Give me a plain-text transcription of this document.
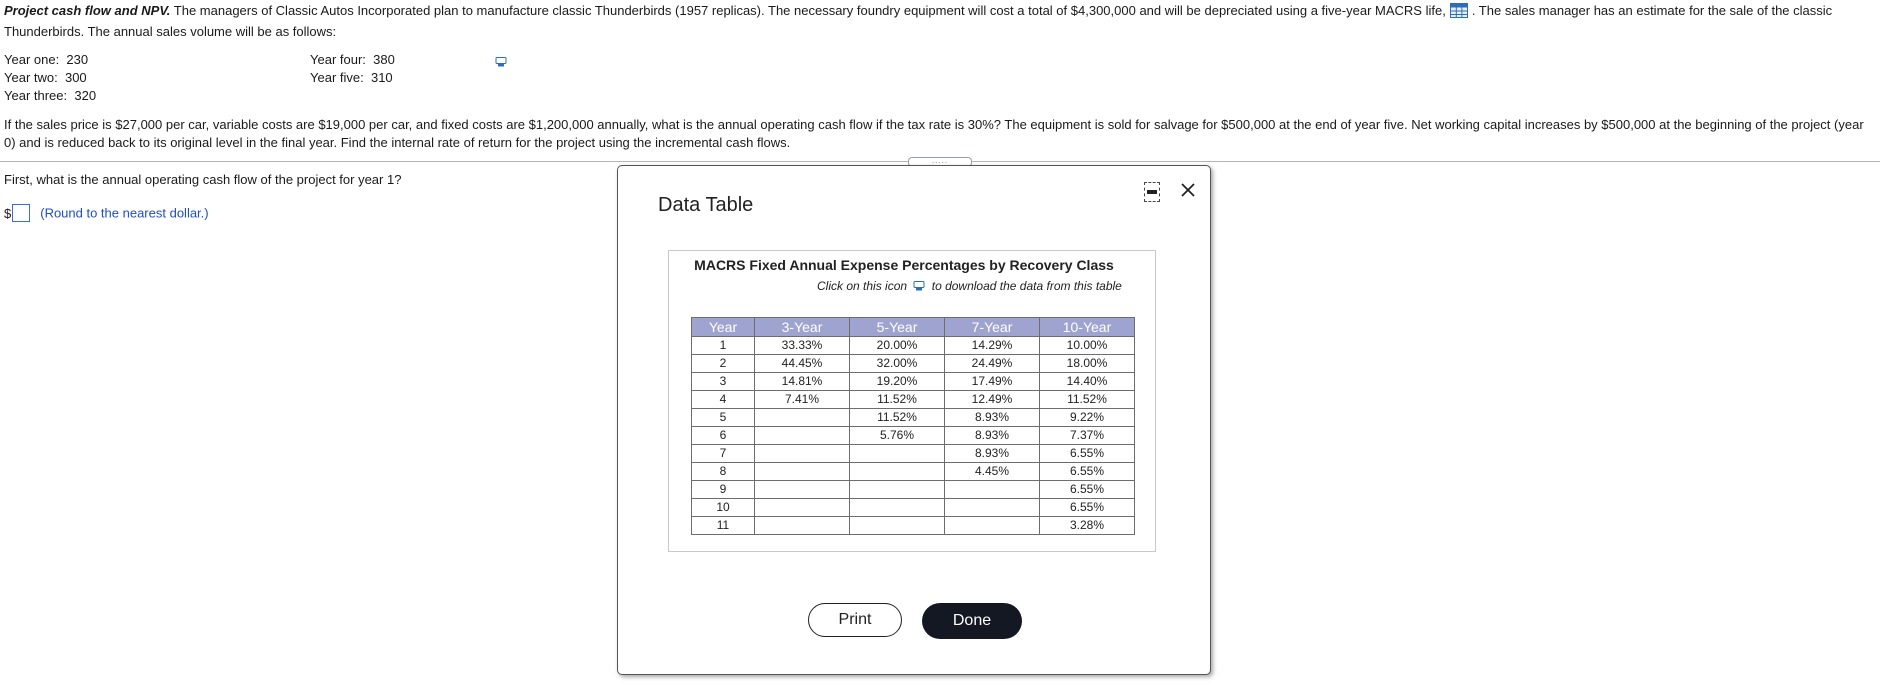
Project cash flow and NPV. The managers of Classic Autos Incorporated plan to manufacture classic Thunderbirds (1957 replicas). The necessary foundry equipment will cost a total of $4,300,000 and will be depreciated using a five-year MACRS life, . The sales manager has an estimate for the sale of the classic Thunderbirds. The annual sales volume will be as follows:
Year one: 230
Year two: 300
Year three: 320
Year four: 380
Year five: 310
If the sales price is $27,000 per car, variable costs are $19,000 per car, and fixed costs are $1,200,000 annually, what is the annual operating cash flow if the tax rate is 30%? The equipment is sold for salvage for $500,000 at the end of year five. Net working capital increases by $500,000 at the beginning of the project (year 0) and is reduced back to its original level in the final year. Find the internal rate of return for the project using the incremental cash flows.
.....
First, what is the annual operating cash flow of the project for year 1?
$ (Round to the nearest dollar.)	Data Table
MACRS Fixed Annual Expense Percentages by Recovery Class
Click on this icon to download the data from this table
Year	3-Year	5-Year	7-Year	10-Year
1	33.33%	20.00%	14.29%	10.00%
2	44.45%	32.00%	24.49%	18.00%
3	14.81%	19.20%	17.49%	14.40%
4	7.41%	11.52%	12.49%	11.52%
5		11.52%	8.93%	9.22%
6		5.76%	8.93%	7.37%
7			8.93%	6.55%
8			4.45%	6.55%
9				6.55%
10				6.55%
11				3.28%
Print	Done
